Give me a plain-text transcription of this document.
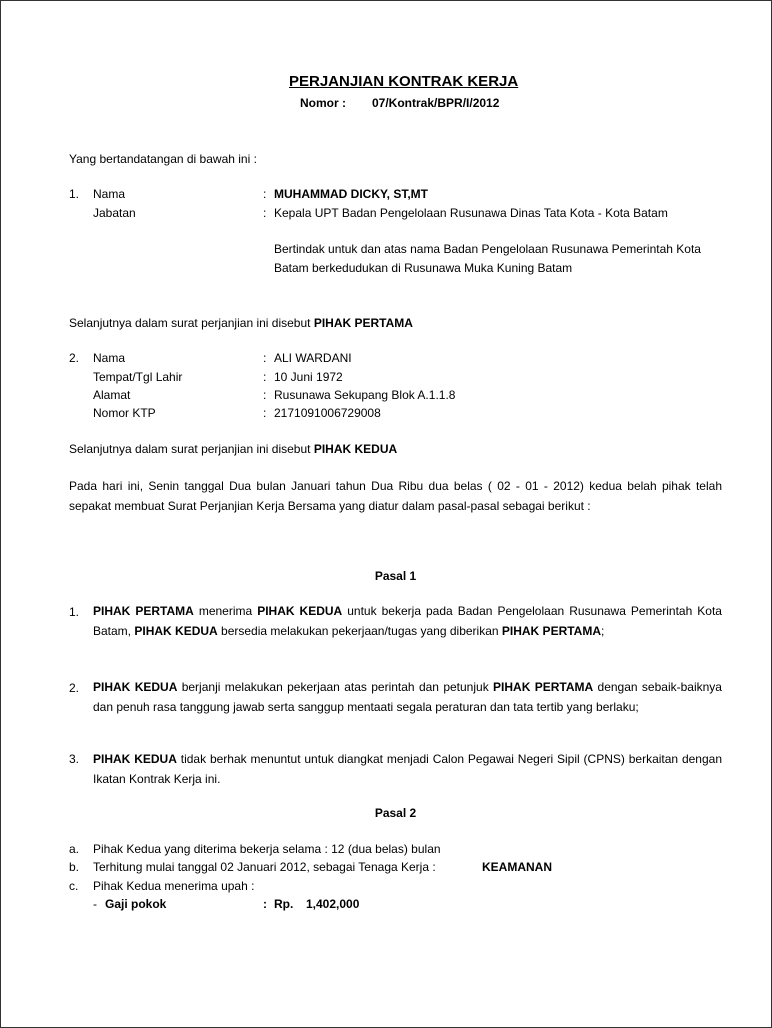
PERJANJIAN KONTRAK KERJA
Nomor : 07/Kontrak/BPR/I/2012
Yang bertandatangan di bawah ini :
1. Nama	: MUHAMMAD DICKY, ST,MT
Jabatan	: Kepala UPT Badan Pengelolaan Rusunawa Dinas Tata Kota - Kota Batam
Bertindak untuk dan atas nama Badan Pengelolaan Rusunawa Pemerintah Kota
Batam berkedudukan di Rusunawa Muka Kuning Batam
Selanjutnya dalam surat perjanjian ini disebut PIHAK PERTAMA
2. Nama	: ALI WARDANI
Tempat/Tgl Lahir	: 10 Juni 1972
Alamat	: Rusunawa Sekupang Blok A.1.1.8
Nomor KTP	: 2171091006729008
Selanjutnya dalam surat perjanjian ini disebut PIHAK KEDUA
Pada hari ini, Senin tanggal Dua bulan Januari tahun Dua Ribu dua belas ( 02 - 01 - 2012) kedua belah pihak telah sepakat membuat Surat Perjanjian Kerja Bersama yang diatur dalam pasal-pasal sebagai berikut :
Pasal 1
1. PIHAK PERTAMA menerima PIHAK KEDUA untuk bekerja pada Badan Pengelolaan Rusunawa Pemerintah Kota Batam, PIHAK KEDUA bersedia melakukan pekerjaan/tugas yang diberikan PIHAK PERTAMA;
2. PIHAK KEDUA berjanji melakukan pekerjaan atas perintah dan petunjuk PIHAK PERTAMA dengan sebaik-baiknya dan penuh rasa tanggung jawab serta sanggup mentaati segala peraturan dan tata tertib yang berlaku;
3. PIHAK KEDUA tidak berhak menuntut untuk diangkat menjadi Calon Pegawai Negeri Sipil (CPNS) berkaitan dengan Ikatan Kontrak Kerja ini.
Pasal 2
a. Pihak Kedua yang diterima bekerja selama : 12 (dua belas) bulan
b. Terhitung mulai tanggal 02 Januari 2012, sebagai Tenaga Kerja :	KEAMANAN
c. Pihak Kedua menerima upah :
- Gaji pokok	: Rp. 1,402,000
